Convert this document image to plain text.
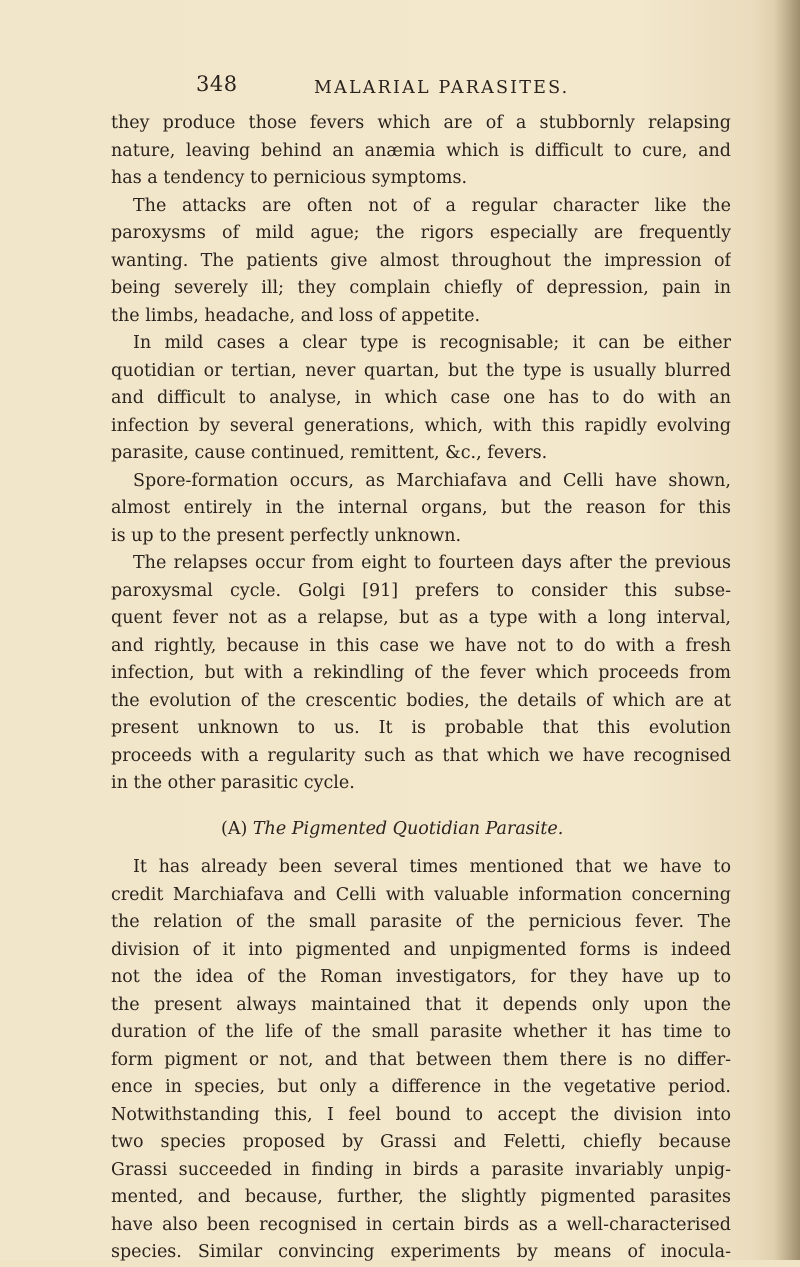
348	MALARIAL PARASITES.
they produce those fevers which are of a stubbornly relapsing
nature, leaving behind an anæmia which is difficult to cure, and
has a tendency to pernicious symptoms.
The attacks are often not of a regular character like the
paroxysms of mild ague; the rigors especially are frequently
wanting. The patients give almost throughout the impression of
being severely ill; they complain chiefly of depression, pain in
the limbs, headache, and loss of appetite.
In mild cases a clear type is recognisable; it can be either
quotidian or tertian, never quartan, but the type is usually blurred
and difficult to analyse, in which case one has to do with an
infection by several generations, which, with this rapidly evolving
parasite, cause continued, remittent, &c., fevers.
Spore-formation occurs, as Marchiafava and Celli have shown,
almost entirely in the internal organs, but the reason for this
is up to the present perfectly unknown.
The relapses occur from eight to fourteen days after the previous
paroxysmal cycle. Golgi [91] prefers to consider this subse-
quent fever not as a relapse, but as a type with a long interval,
and rightly, because in this case we have not to do with a fresh
infection, but with a rekindling of the fever which proceeds from
the evolution of the crescentic bodies, the details of which are at
present unknown to us. It is probable that this evolution
proceeds with a regularity such as that which we have recognised
in the other parasitic cycle.
(A) The Pigmented Quotidian Parasite.
It has already been several times mentioned that we have to
credit Marchiafava and Celli with valuable information concerning
the relation of the small parasite of the pernicious fever. The
division of it into pigmented and unpigmented forms is indeed
not the idea of the Roman investigators, for they have up to
the present always maintained that it depends only upon the
duration of the life of the small parasite whether it has time to
form pigment or not, and that between them there is no differ-
ence in species, but only a difference in the vegetative period.
Notwithstanding this, I feel bound to accept the division into
two species proposed by Grassi and Feletti, chiefly because
Grassi succeeded in finding in birds a parasite invariably unpig-
mented, and because, further, the slightly pigmented parasites
have also been recognised in certain birds as a well-characterised
species. Similar convincing experiments by means of inocula-
